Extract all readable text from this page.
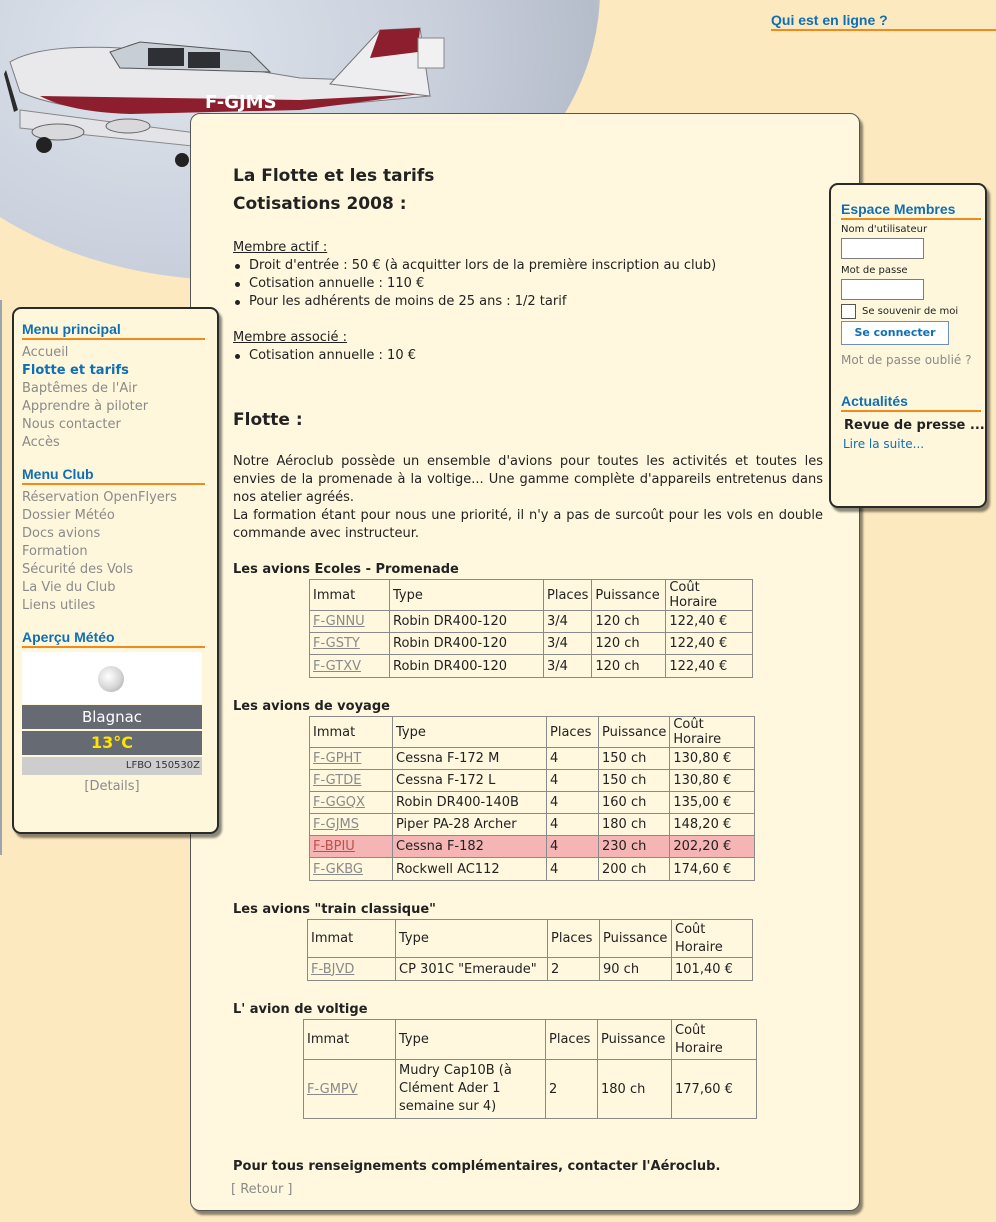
F-GJMS
Qui est en ligne ?
La Flotte et les tarifs
Cotisations 2008 :
Membre actif :
Droit d'entrée : 50 € (à acquitter lors de la première inscription au club)
Cotisation annuelle : 110 €
Pour les adhérents de moins de 25 ans : 1/2 tarif
Membre associé :
Cotisation annuelle : 10 €
Flotte :
Notre Aéroclub possède un ensemble d'avions pour toutes les activités et toutes les envies de la promenade à la voltige... Une gamme complète d'appareils entretenus dans nos atelier agréés.
La formation étant pour nous une priorité, il n'y a pas de surcoût pour les vols en double commande avec instructeur.
Les avions Ecoles - Promenade
Immat	Type	Places	Puissance	Coût Horaire
F-GNNU	Robin DR400-120	3/4	120 ch	122,40 €
F-GSTY	Robin DR400-120	3/4	120 ch	122,40 €
F-GTXV	Robin DR400-120	3/4	120 ch	122,40 €
Les avions de voyage
Immat	Type	Places	Puissance	Coût Horaire
F-GPHT	Cessna F-172 M	4	150 ch	130,80 €
F-GTDE	Cessna F-172 L	4	150 ch	130,80 €
F-GGQX	Robin DR400-140B	4	160 ch	135,00 €
F-GJMS	Piper PA-28 Archer	4	180 ch	148,20 €
F-BPIU	Cessna F-182	4	230 ch	202,20 €
F-GKBG	Rockwell AC112	4	200 ch	174,60 €
Les avions "train classique"
Immat	Type	Places	Puissance	Coût Horaire
F-BJVD	CP 301C "Emeraude"	2	90 ch	101,40 €
L' avion de voltige
Immat	Type	Places	Puissance	Coût Horaire
F-GMPV	Mudry Cap10B (à Clément Ader 1 semaine sur 4)	2	180 ch	177,60 €
Pour tous renseignements complémentaires, contacter l'Aéroclub.
[ Retour ]
Menu principal
Accueil
Flotte et tarifs
Baptêmes de l'Air
Apprendre à piloter
Nous contacter
Accès
Menu Club
Réservation OpenFlyers
Dossier Météo
Docs avions
Formation
Sécurité des Vols
La Vie du Club
Liens utiles
Aperçu Météo
Blagnac
13°C
LFBO 150530Z
[Details]
Espace Membres
Nom d'utilisateur
Mot de passe
Se souvenir de moi
Se connecter
Mot de passe oublié ?
Actualités
Revue de presse ...
Lire la suite...
